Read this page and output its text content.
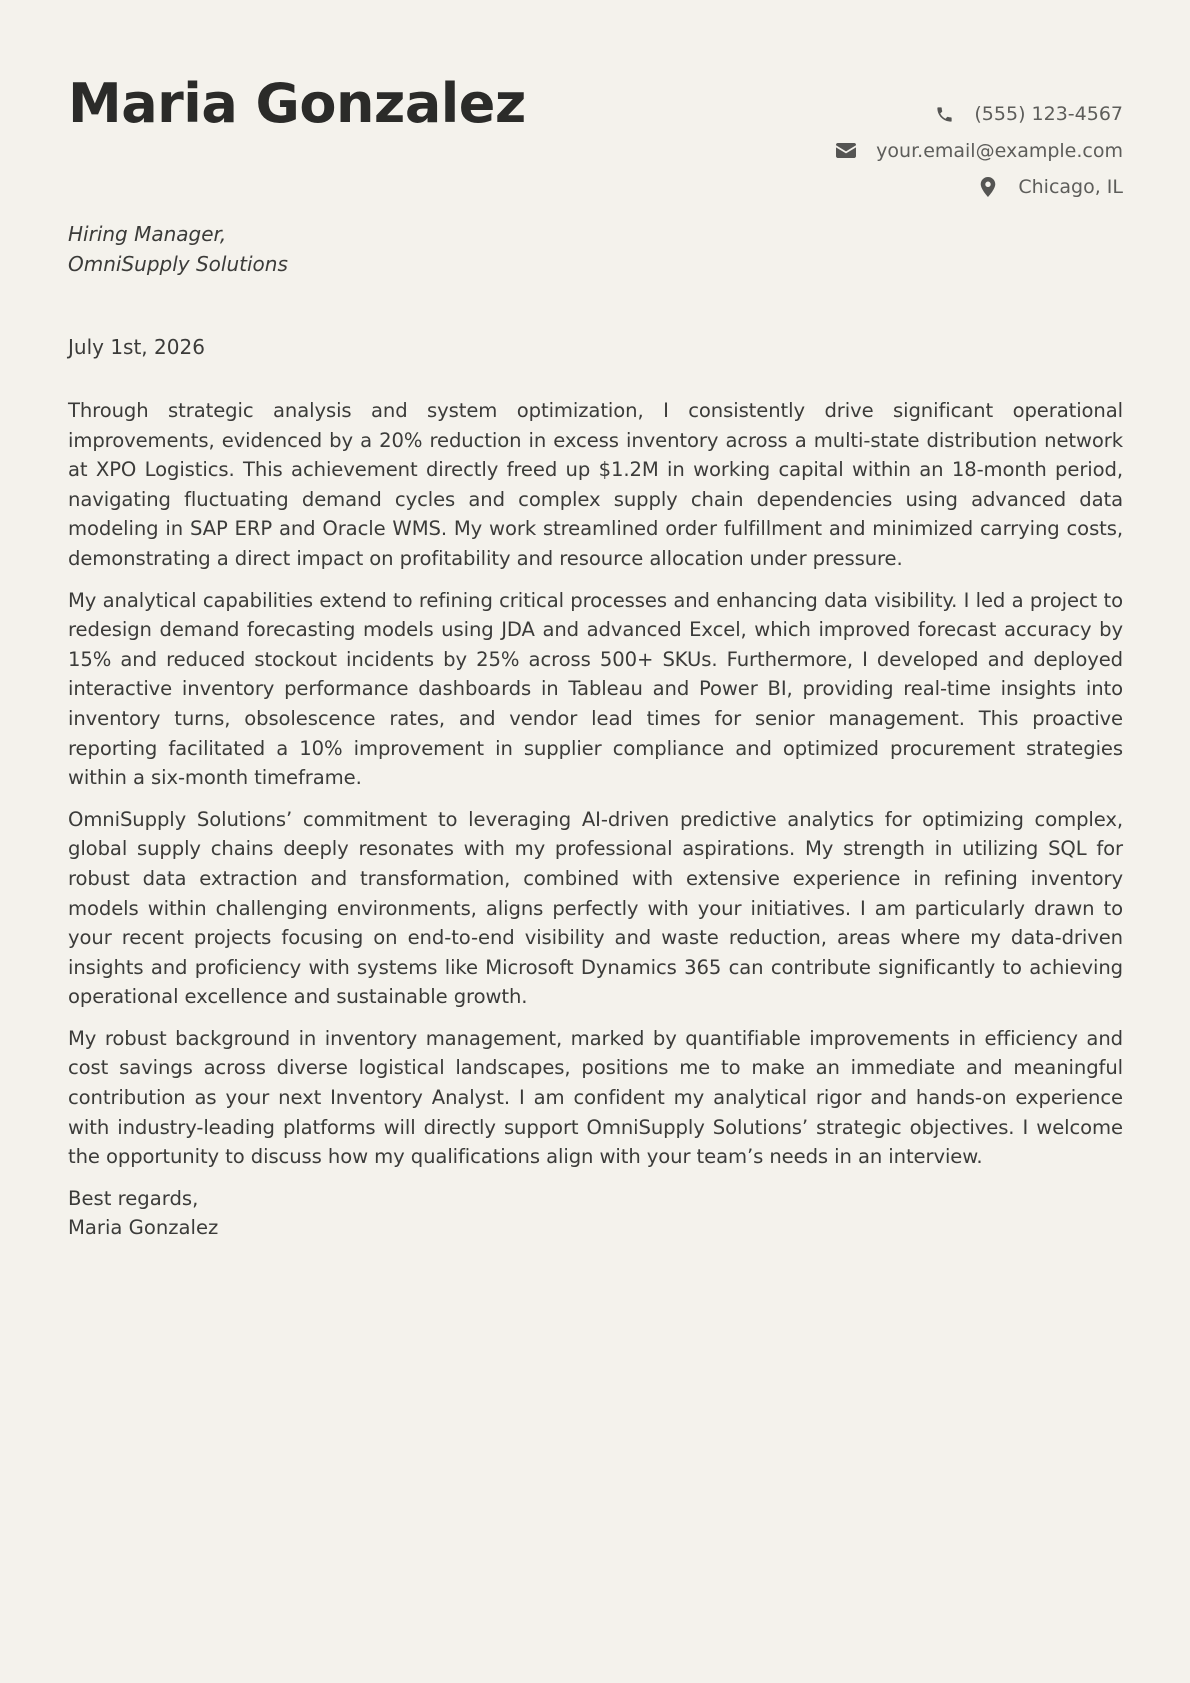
Maria Gonzalez	(555) 123-4567
your.email@example.com
Chicago, IL
Hiring Manager,
OmniSupply Solutions
July 1st, 2026

Through strategic analysis and system optimization, I consistently drive significant operational improvements, evidenced by a 20% reduction in excess inventory across a multi-state distribution network at XPO Logistics. This achievement directly freed up $1.2M in working capital within an 18-month period, navigating fluctuating demand cycles and complex supply chain dependencies using advanced data modeling in SAP ERP and Oracle WMS. My work streamlined order fulfillment and minimized carrying costs, demonstrating a direct impact on profitability and resource allocation under pressure.

My analytical capabilities extend to refining critical processes and enhancing data visibility. I led a project to redesign demand forecasting models using JDA and advanced Excel, which improved forecast accuracy by 15% and reduced stockout incidents by 25% across 500+ SKUs. Furthermore, I developed and deployed interactive inventory performance dashboards in Tableau and Power BI, providing real-time insights into inventory turns, obsolescence rates, and vendor lead times for senior management. This proactive reporting facilitated a 10% improvement in supplier compliance and optimized procurement strategies within a six-month timeframe.

OmniSupply Solutions’ commitment to leveraging AI-driven predictive analytics for optimizing complex, global supply chains deeply resonates with my professional aspirations. My strength in utilizing SQL for robust data extraction and transformation, combined with extensive experience in refining inventory models within challenging environments, aligns perfectly with your initiatives. I am particularly drawn to your recent projects focusing on end-to-end visibility and waste reduction, areas where my data-driven insights and proficiency with systems like Microsoft Dynamics 365 can contribute significantly to achieving operational excellence and sustainable growth.

My robust background in inventory management, marked by quantifiable improvements in efficiency and cost savings across diverse logistical landscapes, positions me to make an immediate and meaningful contribution as your next Inventory Analyst. I am confident my analytical rigor and hands-on experience with industry-leading platforms will directly support OmniSupply Solutions’ strategic objectives. I welcome the opportunity to discuss how my qualifications align with your team’s needs in an interview.

Best regards,
Maria Gonzalez
